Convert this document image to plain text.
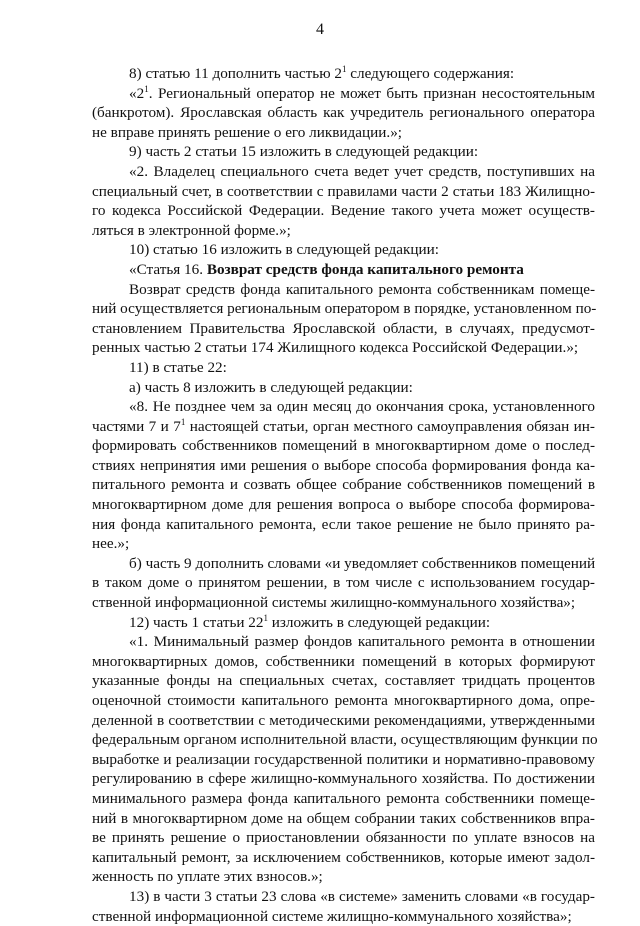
4
8) статью 11 дополнить частью $2^1$ следующего содержания:
«$2^1$. Региональный оператор не может быть признан несостоятельным
(банкротом). Ярославская область как учредитель регионального оператора
не вправе принять решение о его ликвидации.»;
9) часть 2 статьи 15 изложить в следующей редакции:
«2. Владелец специального счета ведет учет средств, поступивших на
специальный счет, в соответствии с правилами части 2 статьи 183 Жилищно-
го кодекса Российской Федерации. Ведение такого учета может осуществ-
ляться в электронной форме.»;
10) статью 16 изложить в следующей редакции:
«Статья 16. Возврат средств фонда капитального ремонта
Возврат средств фонда капитального ремонта собственникам помеще-
ний осуществляется региональным оператором в порядке, установленном по-
становлением Правительства Ярославской области, в случаях, предусмот-
ренных частью 2 статьи 174 Жилищного кодекса Российской Федерации.»;
11) в статье 22:
а) часть 8 изложить в следующей редакции:
«8. Не позднее чем за один месяц до окончания срока, установленного
частями 7 и $7^1$ настоящей статьи, орган местного самоуправления обязан ин-
формировать собственников помещений в многоквартирном доме о послед-
ствиях непринятия ими решения о выборе способа формирования фонда ка-
питального ремонта и созвать общее собрание собственников помещений в
многоквартирном доме для решения вопроса о выборе способа формирова-
ния фонда капитального ремонта, если такое решение не было принято ра-
нее.»;
б) часть 9 дополнить словами «и уведомляет собственников помещений
в таком доме о принятом решении, в том числе с использованием государ-
ственной информационной системы жилищно-коммунального хозяйства»;
12) часть 1 статьи $22^1$ изложить в следующей редакции:
«1. Минимальный размер фондов капитального ремонта в отношении
многоквартирных домов, собственники помещений в которых формируют
указанные фонды на специальных счетах, составляет тридцать процентов
оценочной стоимости капитального ремонта многоквартирного дома, опре-
деленной в соответствии с методическими рекомендациями, утвержденными
федеральным органом исполнительной власти, осуществляющим функции по
выработке и реализации государственной политики и нормативно-правовому
регулированию в сфере жилищно-коммунального хозяйства. По достижении
минимального размера фонда капитального ремонта собственники помеще-
ний в многоквартирном доме на общем собрании таких собственников впра-
ве принять решение о приостановлении обязанности по уплате взносов на
капитальный ремонт, за исключением собственников, которые имеют задол-
женность по уплате этих взносов.»;
13) в части 3 статьи 23 слова «в системе» заменить словами «в государ-
ственной информационной системе жилищно-коммунального хозяйства»;
